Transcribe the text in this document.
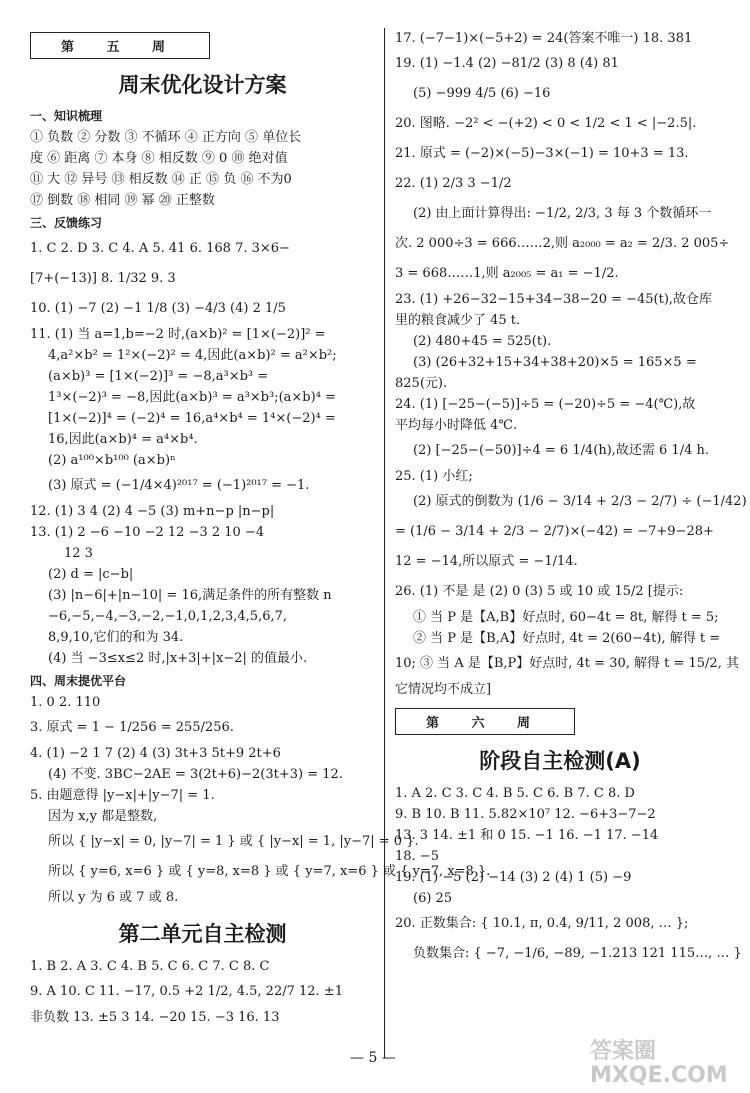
第 五 周
周末优化设计方案
一、知识梳理
① 负数 ② 分数 ③ 不循环 ④ 正方向 ⑤ 单位长
度 ⑥ 距离 ⑦ 本身 ⑧ 相反数 ⑨ 0 ⑩ 绝对值
⑪ 大 ⑫ 异号 ⑬ 相反数 ⑭ 正 ⑮ 负 ⑯ 不为0
⑰ 倒数 ⑱ 相同 ⑲ 幂 ⑳ 正整数
三、反馈练习
1. C 2. D 3. C 4. A 5. 41 6. 168 7. 3×6−
[7+(−13)] 8. 1/32 9. 3
10. (1) −7 (2) −1 1/8 (3) −4/3 (4) 2 1/5
11. (1) 当 a=1,b=−2 时,(a×b)² = [1×(−2)]² =
4,a²×b² = 1²×(−2)² = 4,因此(a×b)² = a²×b²;
(a×b)³ = [1×(−2)]³ = −8,a³×b³ =
1³×(−2)³ = −8,因此(a×b)³ = a³×b³;(a×b)⁴ =
[1×(−2)]⁴ = (−2)⁴ = 16,a⁴×b⁴ = 1⁴×(−2)⁴ =
16,因此(a×b)⁴ = a⁴×b⁴.
(2) a¹⁰⁰×b¹⁰⁰ (a×b)ⁿ
(3) 原式 = (−1/4×4)²⁰¹⁷ = (−1)²⁰¹⁷ = −1.
12. (1) 3 4 (2) 4 −5 (3) m+n−p |n−p|
13. (1) 2 −6 −10 −2 12 −3 2 10 −4
12 3
(2) d = |c−b|
(3) |n−6|+|n−10| = 16,满足条件的所有整数 n
−6,−5,−4,−3,−2,−1,0,1,2,3,4,5,6,7,
8,9,10,它们的和为 34.
(4) 当 −3≤x≤2 时,|x+3|+|x−2| 的值最小.
四、周末提优平台
1. 0 2. 110
3. 原式 = 1 − 1/256 = 255/256.
4. (1) −2 1 7 (2) 4 (3) 3t+3 5t+9 2t+6
(4) 不变. 3BC−2AE = 3(2t+6)−2(3t+3) = 12.
5. 由题意得 |y−x|+|y−7| = 1.
因为 x,y 都是整数,
所以 { |y−x| = 0, |y−7| = 1 } 或 { |y−x| = 1, |y−7| = 0 }.
所以 { y=6, x=6 } 或 { y=8, x=8 } 或 { y=7, x=6 } 或 { y=7, x=8 }.
所以 y 为 6 或 7 或 8.
第二单元自主检测
1. B 2. A 3. C 4. B 5. C 6. C 7. C 8. C
9. A 10. C 11. −17, 0.5 +2 1/2, 4.5, 22/7 12. ±1
非负数 13. ±5 3 14. −20 15. −3 16. 13
17. (−7−1)×(−5+2) = 24(答案不唯一) 18. 381
19. (1) −1.4 (2) −81/2 (3) 8 (4) 81
(5) −999 4/5 (6) −16
20. 图略. −2² < −(+2) < 0 < 1/2 < 1 < |−2.5|.
21. 原式 = (−2)×(−5)−3×(−1) = 10+3 = 13.
22. (1) 2/3 3 −1/2
(2) 由上面计算得出: −1/2, 2/3, 3 每 3 个数循环一
次. 2 000÷3 = 666……2,则 a₂₀₀₀ = a₂ = 2/3. 2 005÷
3 = 668……1,则 a₂₀₀₅ = a₁ = −1/2.
23. (1) +26−32−15+34−38−20 = −45(t),故仓库
里的粮食减少了 45 t.
(2) 480+45 = 525(t).
(3) (26+32+15+34+38+20)×5 = 165×5 =
825(元).
24. (1) [−25−(−5)]÷5 = (−20)÷5 = −4(℃),故
平均每小时降低 4℃.
(2) [−25−(−50)]÷4 = 6 1/4(h),故还需 6 1/4 h.
25. (1) 小红;
(2) 原式的倒数为 (1/6 − 3/14 + 2/3 − 2/7) ÷ (−1/42)
= (1/6 − 3/14 + 2/3 − 2/7)×(−42) = −7+9−28+
12 = −14,所以原式 = −1/14.
26. (1) 不是 是 (2) 0 (3) 5 或 10 或 15/2 [提示:
① 当 P 是【A,B】好点时, 60−4t = 8t, 解得 t = 5;
② 当 P 是【B,A】好点时, 4t = 2(60−4t), 解得 t =
10; ③ 当 A 是【B,P】好点时, 4t = 30, 解得 t = 15/2, 其
它情况均不成立]
第 六 周
阶段自主检测(A)
1. A 2. C 3. C 4. B 5. C 6. B 7. C 8. D
9. B 10. B 11. 5.82×10⁷ 12. −6+3−7−2
13. 3 14. ±1 和 0 15. −1 16. −1 17. −14
18. −5
19. (1) −5 (2) −14 (3) 2 (4) 1 (5) −9
(6) 25
20. 正数集合: { 10.1, π, 0.4, 9/11, 2 008, … };
负数集合: { −7, −1/6, −89, −1.213 121 115…, … }
— 5 —	答案圈
MXQE.COM
